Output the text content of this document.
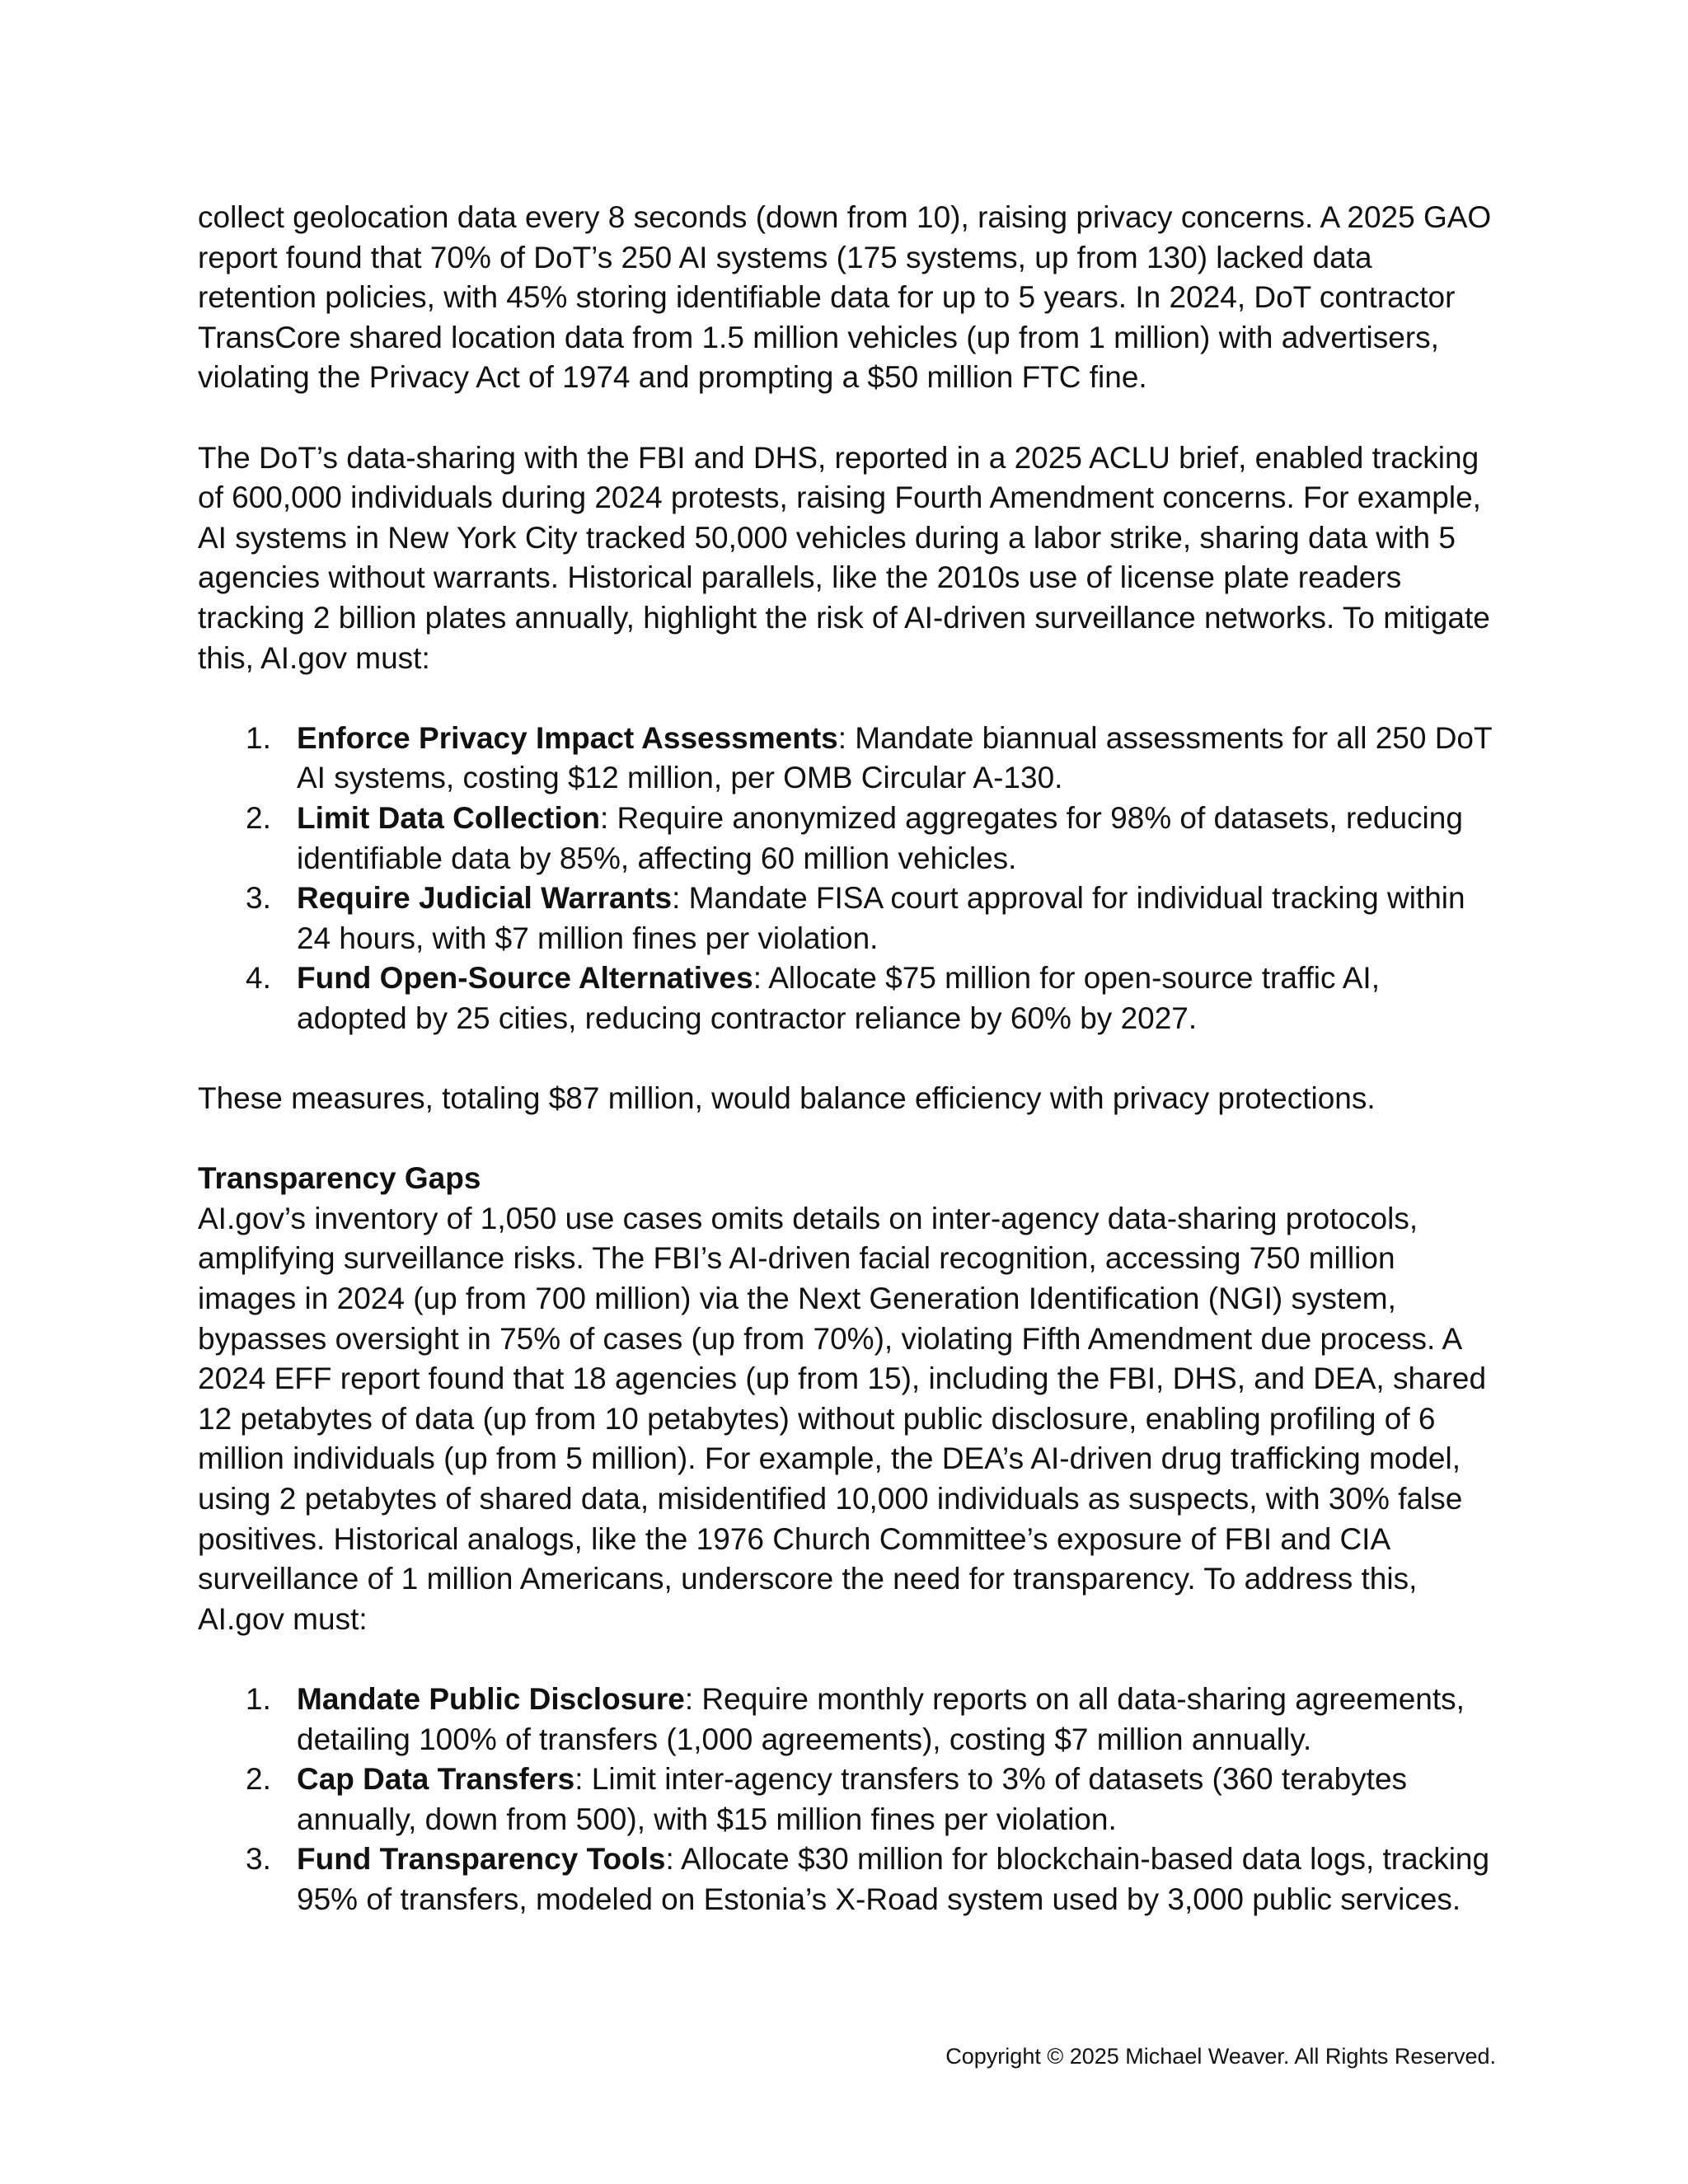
collect geolocation data every 8 seconds (down from 10), raising privacy concerns. A 2025 GAO report found that 70% of DoT’s 250 AI systems (175 systems, up from 130) lacked data retention policies, with 45% storing identifiable data for up to 5 years. In 2024, DoT contractor TransCore shared location data from 1.5 million vehicles (up from 1 million) with advertisers, violating the Privacy Act of 1974 and prompting a $50 million FTC fine.

The DoT’s data-sharing with the FBI and DHS, reported in a 2025 ACLU brief, enabled tracking of 600,000 individuals during 2024 protests, raising Fourth Amendment concerns. For example, AI systems in New York City tracked 50,000 vehicles during a labor strike, sharing data with 5 agencies without warrants. Historical parallels, like the 2010s use of license plate readers tracking 2 billion plates annually, highlight the risk of AI-driven surveillance networks. To mitigate this, AI.gov must:

1. Enforce Privacy Impact Assessments: Mandate biannual assessments for all 250 DoT AI systems, costing $12 million, per OMB Circular A-130.
2. Limit Data Collection: Require anonymized aggregates for 98% of datasets, reducing identifiable data by 85%, affecting 60 million vehicles.
3. Require Judicial Warrants: Mandate FISA court approval for individual tracking within 24 hours, with $7 million fines per violation.
4. Fund Open-Source Alternatives: Allocate $75 million for open-source traffic AI, adopted by 25 cities, reducing contractor reliance by 60% by 2027.

These measures, totaling $87 million, would balance efficiency with privacy protections.

Transparency Gaps

AI.gov’s inventory of 1,050 use cases omits details on inter-agency data-sharing protocols, amplifying surveillance risks. The FBI’s AI-driven facial recognition, accessing 750 million images in 2024 (up from 700 million) via the Next Generation Identification (NGI) system, bypasses oversight in 75% of cases (up from 70%), violating Fifth Amendment due process. A 2024 EFF report found that 18 agencies (up from 15), including the FBI, DHS, and DEA, shared 12 petabytes of data (up from 10 petabytes) without public disclosure, enabling profiling of 6 million individuals (up from 5 million). For example, the DEA’s AI-driven drug trafficking model, using 2 petabytes of shared data, misidentified 10,000 individuals as suspects, with 30% false positives. Historical analogs, like the 1976 Church Committee’s exposure of FBI and CIA surveillance of 1 million Americans, underscore the need for transparency. To address this, AI.gov must:

1. Mandate Public Disclosure: Require monthly reports on all data-sharing agreements, detailing 100% of transfers (1,000 agreements), costing $7 million annually.
2. Cap Data Transfers: Limit inter-agency transfers to 3% of datasets (360 terabytes annually, down from 500), with $15 million fines per violation.
3. Fund Transparency Tools: Allocate $30 million for blockchain-based data logs, tracking 95% of transfers, modeled on Estonia’s X-Road system used by 3,000 public services.
Copyright © 2025 Michael Weaver. All Rights Reserved.
